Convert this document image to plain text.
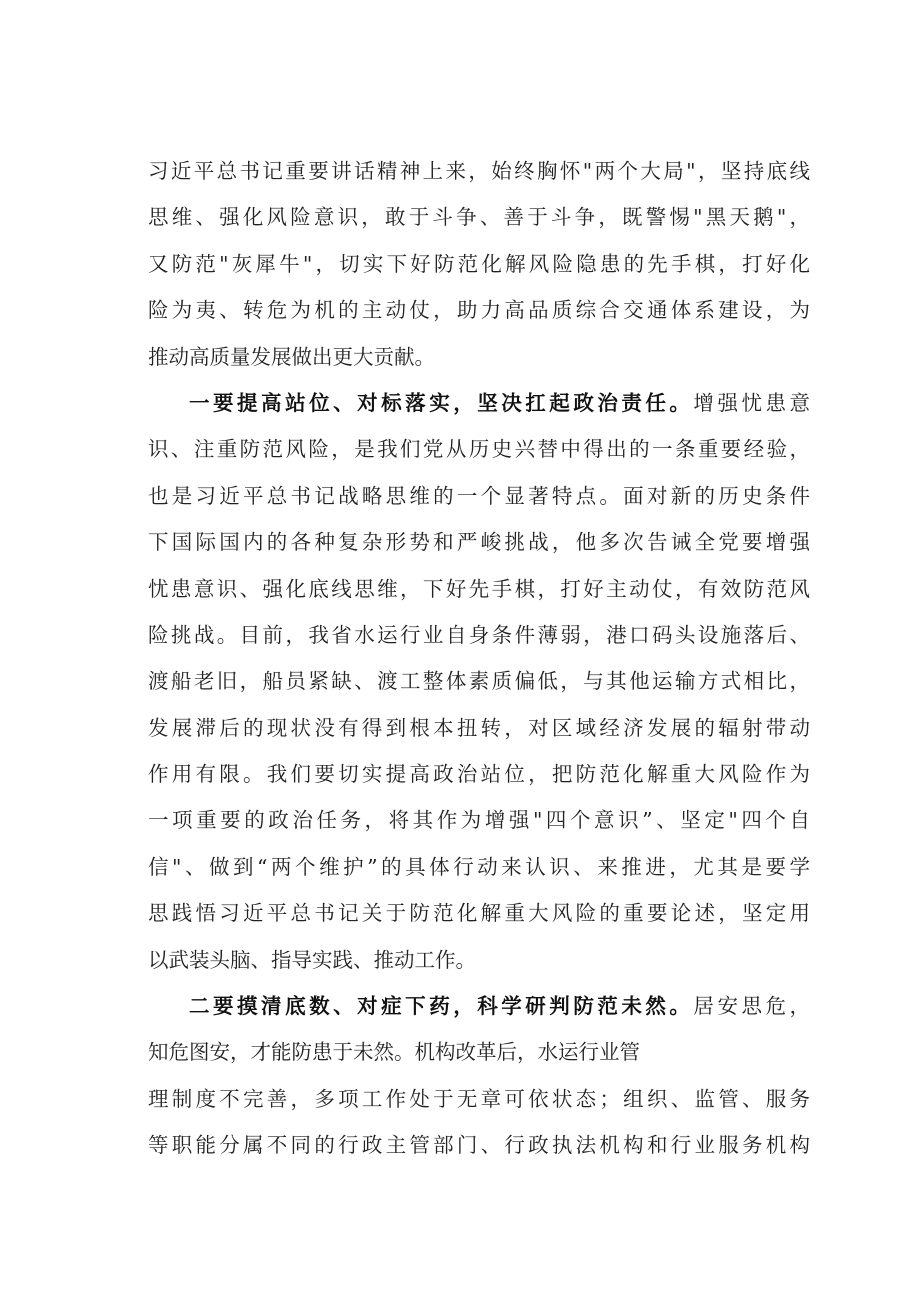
习近平总书记重要讲话精神上来，始终胸怀"两个大局"，坚持底线
思维、强化风险意识，敢于斗争、善于斗争，既警惕"黑天鹅"，
又防范"灰犀牛"，切实下好防范化解风险隐患的先手棋，打好化
险为夷、转危为机的主动仗，助力高品质综合交通体系建设，为
推动高质量发展做出更大贡献。
一要提高站位、对标落实，坚决扛起政治责任。增强忧患意
识、注重防范风险，是我们党从历史兴替中得出的一条重要经验，
也是习近平总书记战略思维的一个显著特点。面对新的历史条件
下国际国内的各种复杂形势和严峻挑战，他多次告诫全党要增强
忧患意识、强化底线思维，下好先手棋，打好主动仗，有效防范风
险挑战。目前，我省水运行业自身条件薄弱，港口码头设施落后、
渡船老旧，船员紧缺、渡工整体素质偏低，与其他运输方式相比，
发展滞后的现状没有得到根本扭转，对区域经济发展的辐射带动
作用有限。我们要切实提高政治站位，把防范化解重大风险作为
一项重要的政治任务，将其作为增强"四个意识”、坚定"四个自
信"、做到“两个维护”的具体行动来认识、来推进，尤其是要学
思践悟习近平总书记关于防范化解重大风险的重要论述，坚定用
以武装头脑、指导实践、推动工作。
二要摸清底数、对症下药，科学研判防范未然。居安思危，
知危图安，才能防患于未然。机构改革后，水运行业管
理制度不完善，多项工作处于无章可依状态；组织、监管、服务
等职能分属不同的行政主管部门、行政执法机构和行业服务机构
